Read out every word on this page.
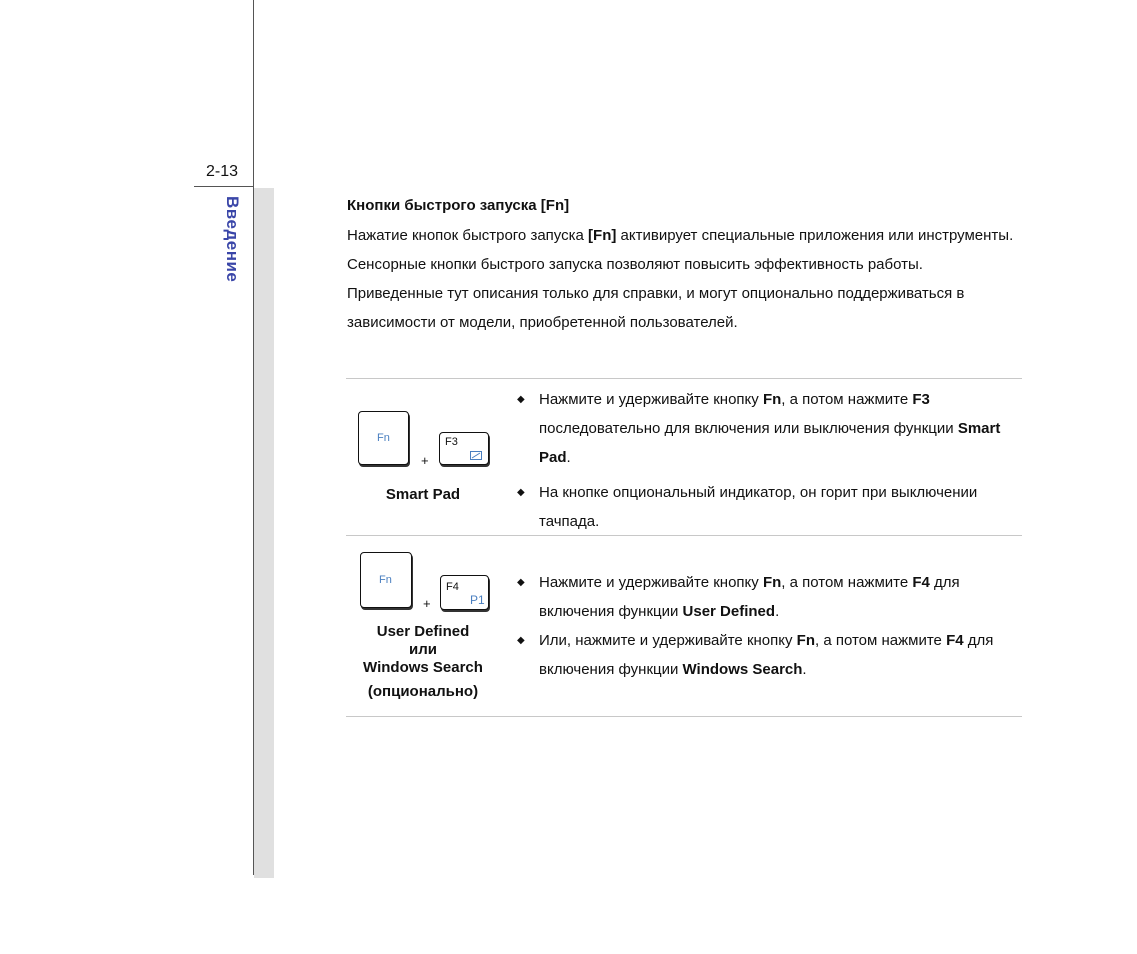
2-13
Введение	Кнопки быстрого запуска [Fn]
Нажатие кнопок быстрого запуска [Fn] активирует специальные приложения или инструменты.
Сенсорные кнопки быстрого запуска позволяют повысить эффективность работы.
Приведенные тут описания только для справки, и могут опционально поддерживаться в зависимости от модели, приобретенной пользователей.
Fn
+
F3
Smart Pad
◆ Нажмите и удерживайте кнопку Fn, а потом нажмите F3 последовательно для включения или выключения функции Smart Pad.
◆ На кнопке опциональный индикатор, он горит при выключении тачпада.
Fn
+
F4
P1
User Defined
или
Windows Search
(опционально)
◆ Нажмите и удерживайте кнопку Fn, а потом нажмите F4 для включения функции User Defined.
◆ Или, нажмите и удерживайте кнопку Fn, а потом нажмите F4 для включения функции Windows Search.
